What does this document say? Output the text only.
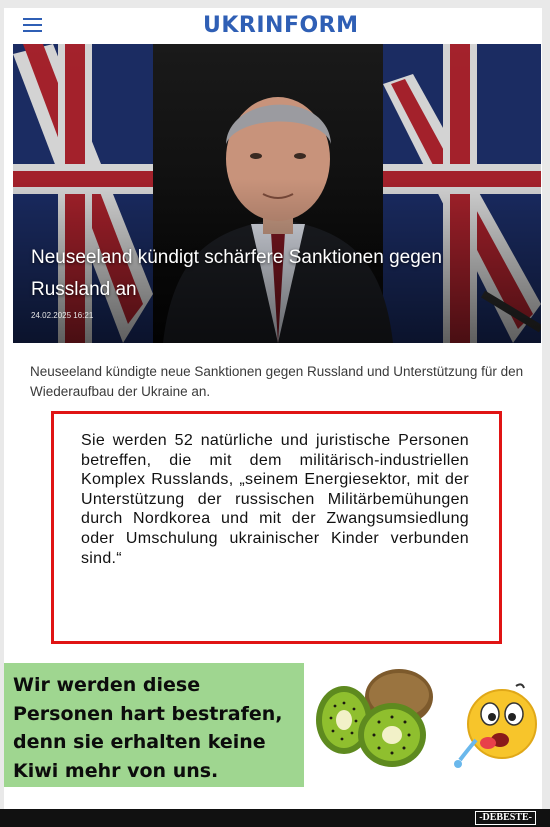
UKRINFORM
Neuseeland kündigt schärfere Sanktionen gegen Russland an
24.02.2025 16:21
Neuseeland kündigte neue Sanktionen gegen Russland und Unterstützung für den Wiederaufbau der Ukraine an.
Sie werden 52 natürliche und juristische Personen betreffen, die mit dem militärisch-industriellen Komplex Russlands, „seinem Energiesektor, mit der Unterstützung der russischen Militärbemühungen durch Nordkorea und mit der Zwangsumsiedlung oder Umschulung ukrainischer Kinder verbunden sind.“
Wir werden diese Personen hart bestrafen, denn sie erhalten keine Kiwi mehr von uns.
-DEBESTE-
